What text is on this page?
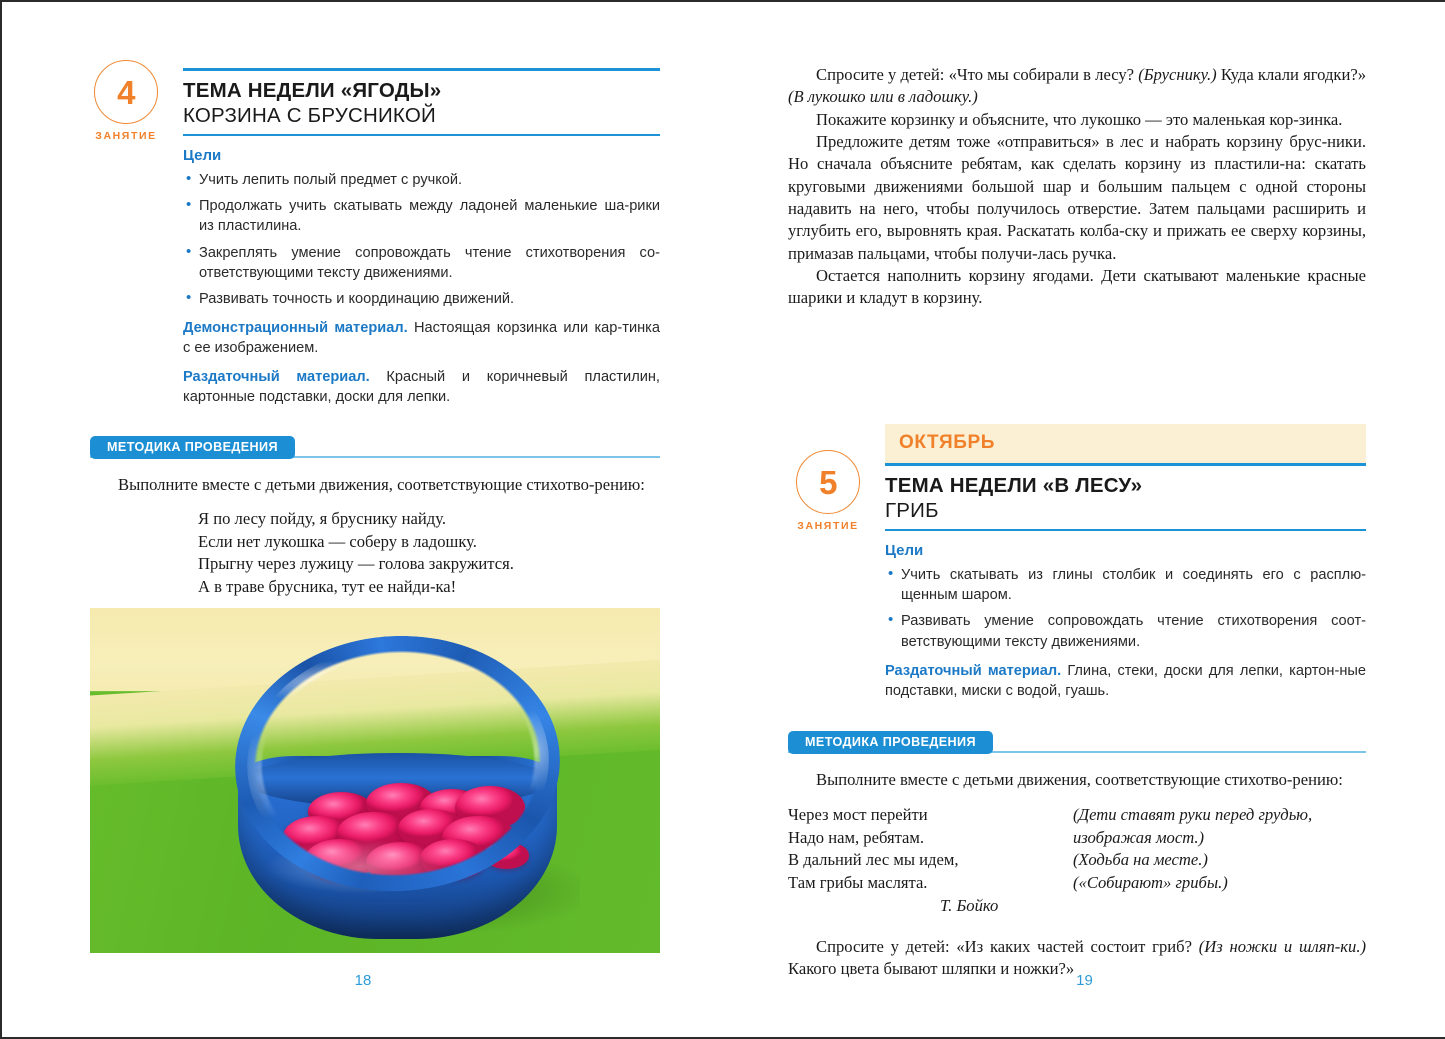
4
ЗАНЯТИЕ
ТЕМА НЕДЕЛИ «ЯГОДЫ»
КОРЗИНА С БРУСНИКОЙ
Цели
• Учить лепить полый предмет с ручкой.
• Продолжать учить скатывать между ладоней маленькие ша-рики из пластилина.
• Закреплять умение сопровождать чтение стихотворения со-ответствующими тексту движениями.
• Развивать точность и координацию движений.
Демонстрационный материал. Настоящая корзинка или кар-тинка с ее изображением.
Раздаточный материал. Красный и коричневый пластилин, картонные подставки, доски для лепки.
МЕТОДИКА ПРОВЕДЕНИЯ

Выполните вместе с детьми движения, соответствующие стихотво-рению:

Я по лесу пойду, я бруснику найду.
Если нет лукошка — соберу в ладошку.
Прыгну через лужицу — голова закружится.
А в траве брусника, тут ее найди-ка!
18

Спросите у детей: «Что мы собирали в лесу? (Бруснику.) Куда клали ягодки?» (В лукошко или в ладошку.)

Покажите корзинку и объясните, что лукошко — это маленькая кор-зинка.

Предложите детям тоже «отправиться» в лес и набрать корзину брус-ники. Но сначала объясните ребятам, как сделать корзину из пластили-на: скатать круговыми движениями большой шар и большим пальцем с одной стороны надавить на него, чтобы получилось отверстие. Затем пальцами расширить и углубить его, выровнять края. Раскатать колба-ску и прижать ее сверху корзины, примазав пальцами, чтобы получи-лась ручка.

Остается наполнить корзину ягодами. Дети скатывают маленькие красные шарики и кладут в корзину.

5
ЗАНЯТИЕ
ОКТЯБРЬ
ТЕМА НЕДЕЛИ «В ЛЕСУ»
ГРИБ
Цели
• Учить скатывать из глины столбик и соединять его с расплю-щенным шаром.
• Развивать умение сопровождать чтение стихотворения соот-ветствующими тексту движениями.
Раздаточный материал. Глина, стеки, доски для лепки, картон-ные подставки, миски с водой, гуашь.
МЕТОДИКА ПРОВЕДЕНИЯ

Выполните вместе с детьми движения, соответствующие стихотво-рению:

Через мост перейти	(Дети ставят руки перед грудью,
Надо нам, ребятам.	изображая мост.)
В дальний лес мы идем,	(Ходьба на месте.)
Там грибы маслята.	(«Собирают» грибы.)
Т. Бойко

Спросите у детей: «Из каких частей состоит гриб? (Из ножки и шляп-ки.) Какого цвета бывают шляпки и ножки?»

19
